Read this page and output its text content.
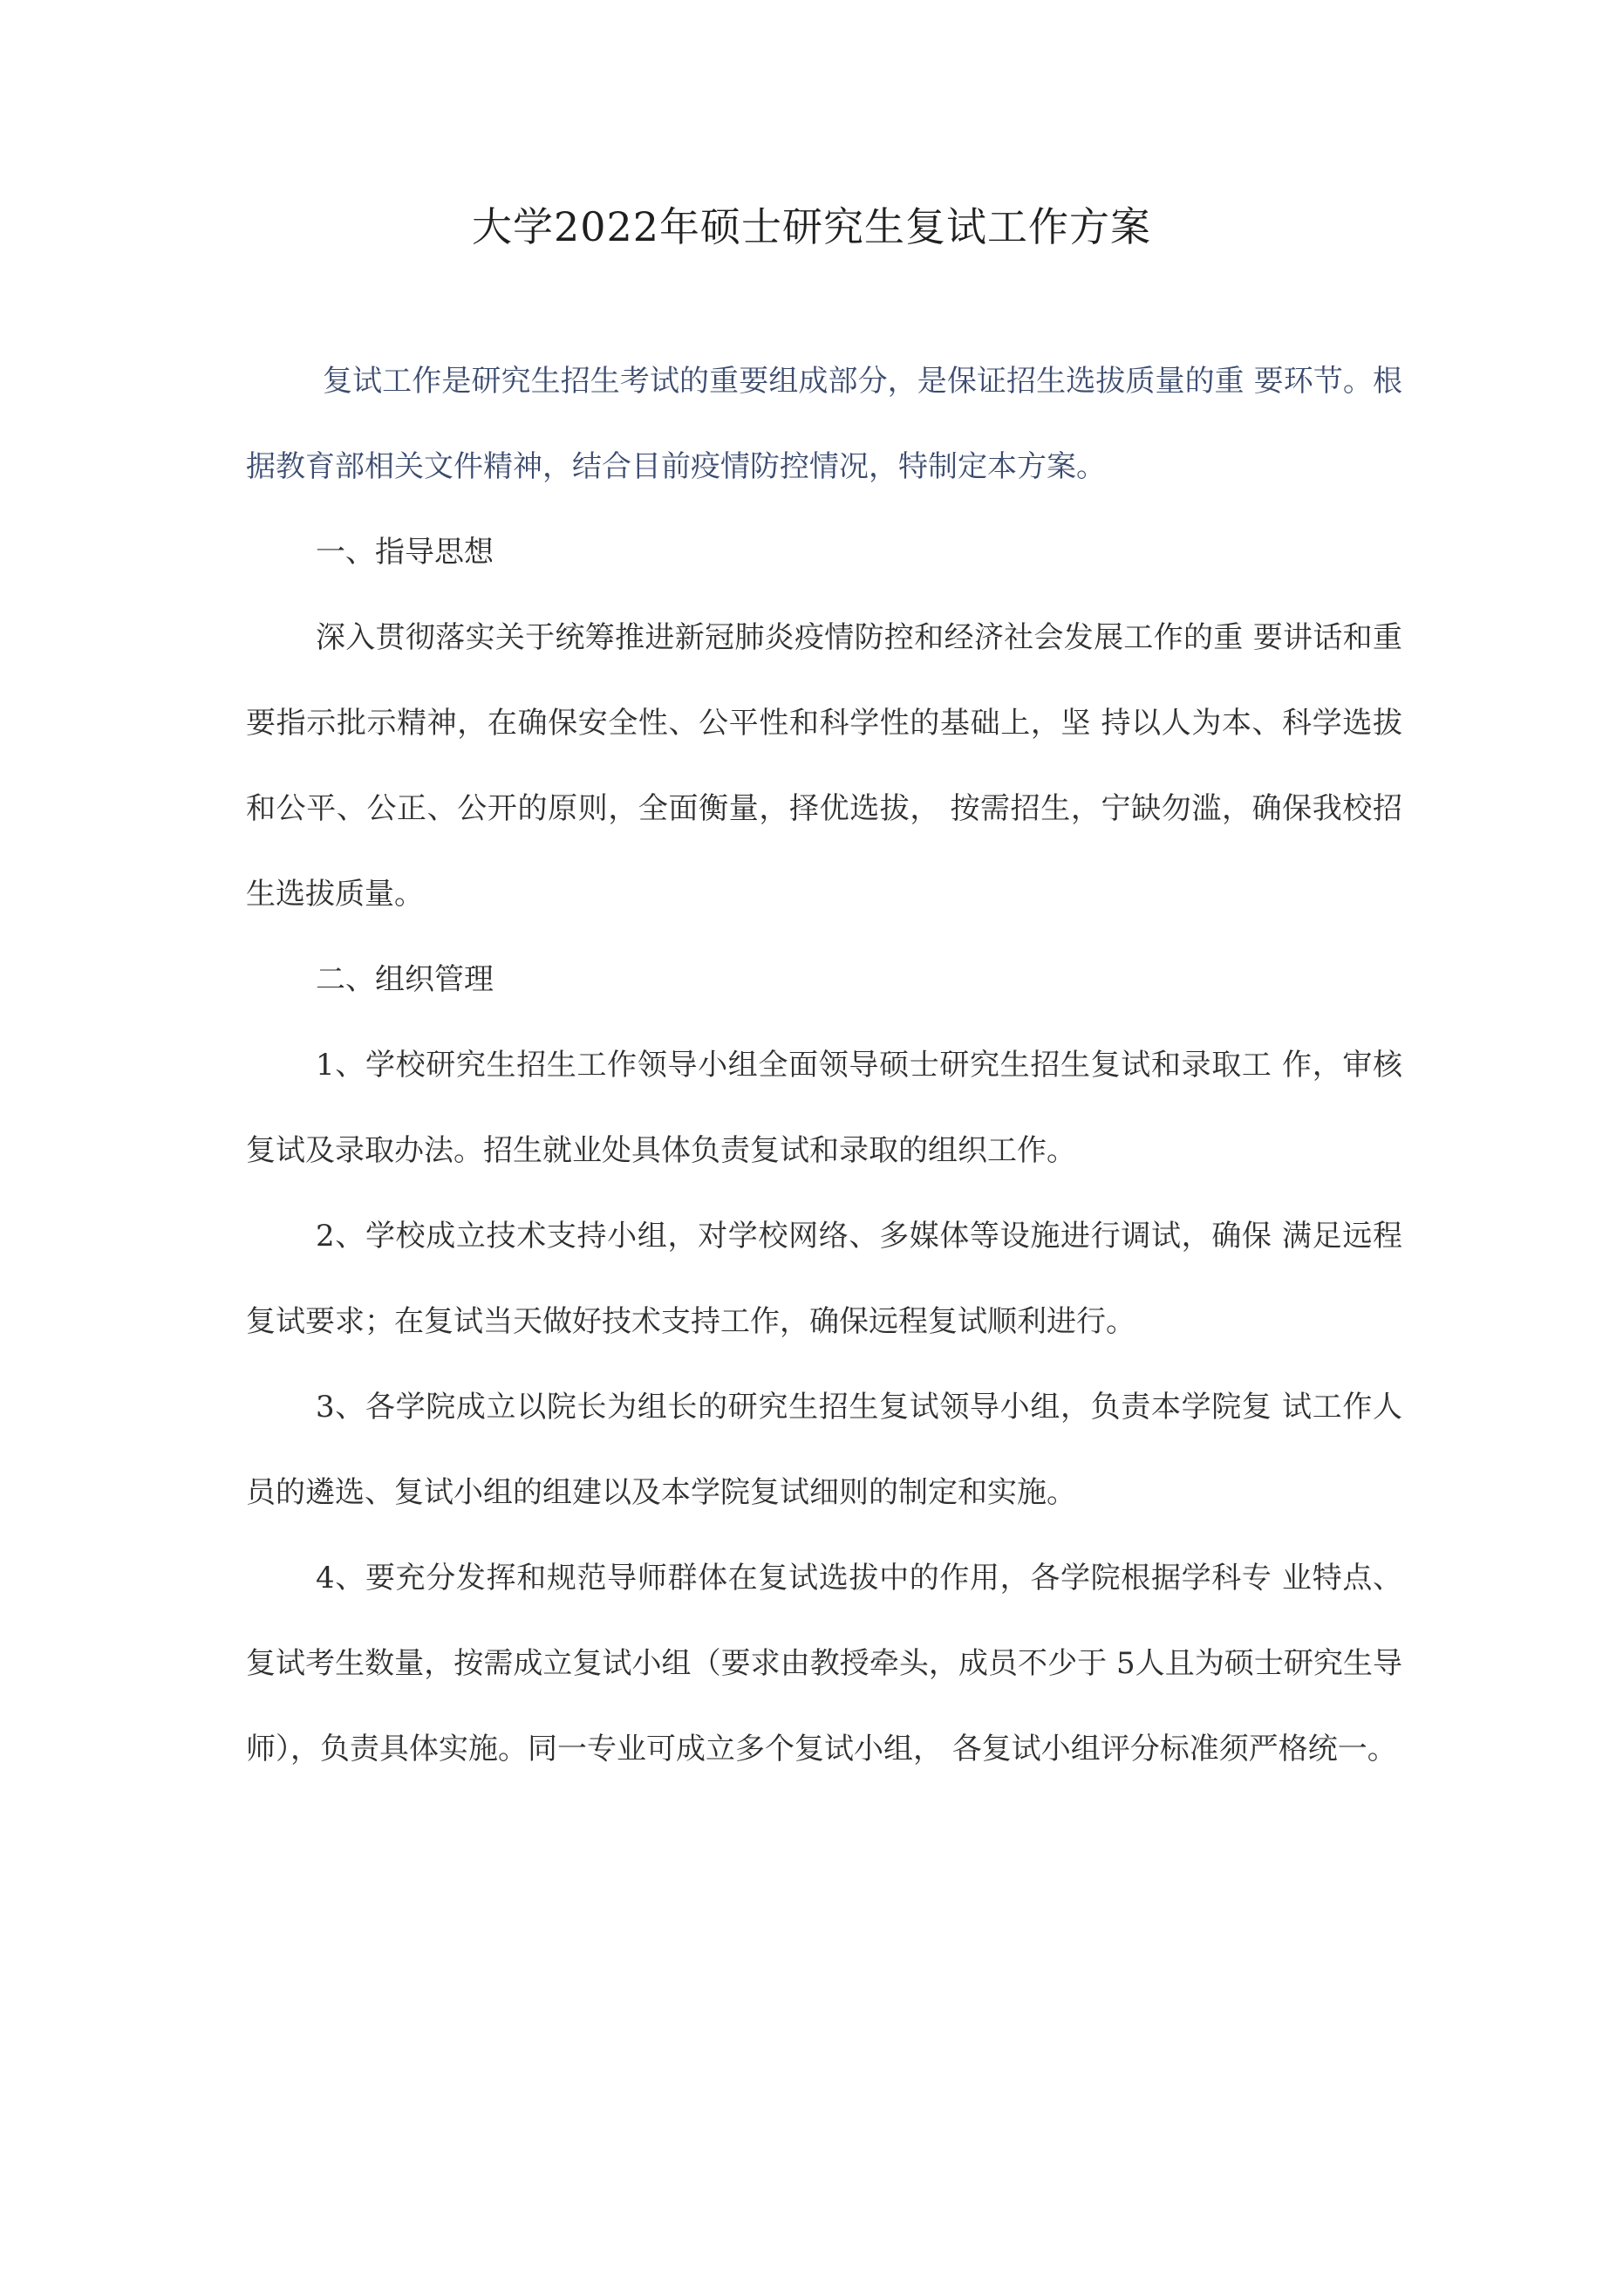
大学2022年硕士研究生复试工作方案

复试工作是研究生招生考试的重要组成部分，是保证招生选拔质量的重 要环节。根据教育部相关文件精神，结合目前疫情防控情况，特制定本方案。

一、指导思想

深入贯彻落实关于统筹推进新冠肺炎疫情防控和经济社会发展工作的重 要讲话和重要指示批示精神，在确保安全性、公平性和科学性的基础上，坚 持以人为本、科学选拔和公平、公正、公开的原则，全面衡量，择优选拔， 按需招生，宁缺勿滥，确保我校招生选拔质量。

二、组织管理

1、学校研究生招生工作领导小组全面领导硕士研究生招生复试和录取工 作，审核复试及录取办法。招生就业处具体负责复试和录取的组织工作。

2、学校成立技术支持小组，对学校网络、多媒体等设施进行调试，确保 满足远程复试要求；在复试当天做好技术支持工作，确保远程复试顺利进行。

3、各学院成立以院长为组长的研究生招生复试领导小组，负责本学院复 试工作人员的遴选、复试小组的组建以及本学院复试细则的制定和实施。

4、要充分发挥和规范导师群体在复试选拔中的作用，各学院根据学科专 业特点、复试考生数量，按需成立复试小组（要求由教授牵头，成员不少于 5人且为硕士研究生导师），负责具体实施。同一专业可成立多个复试小组， 各复试小组评分标准须严格统一。
